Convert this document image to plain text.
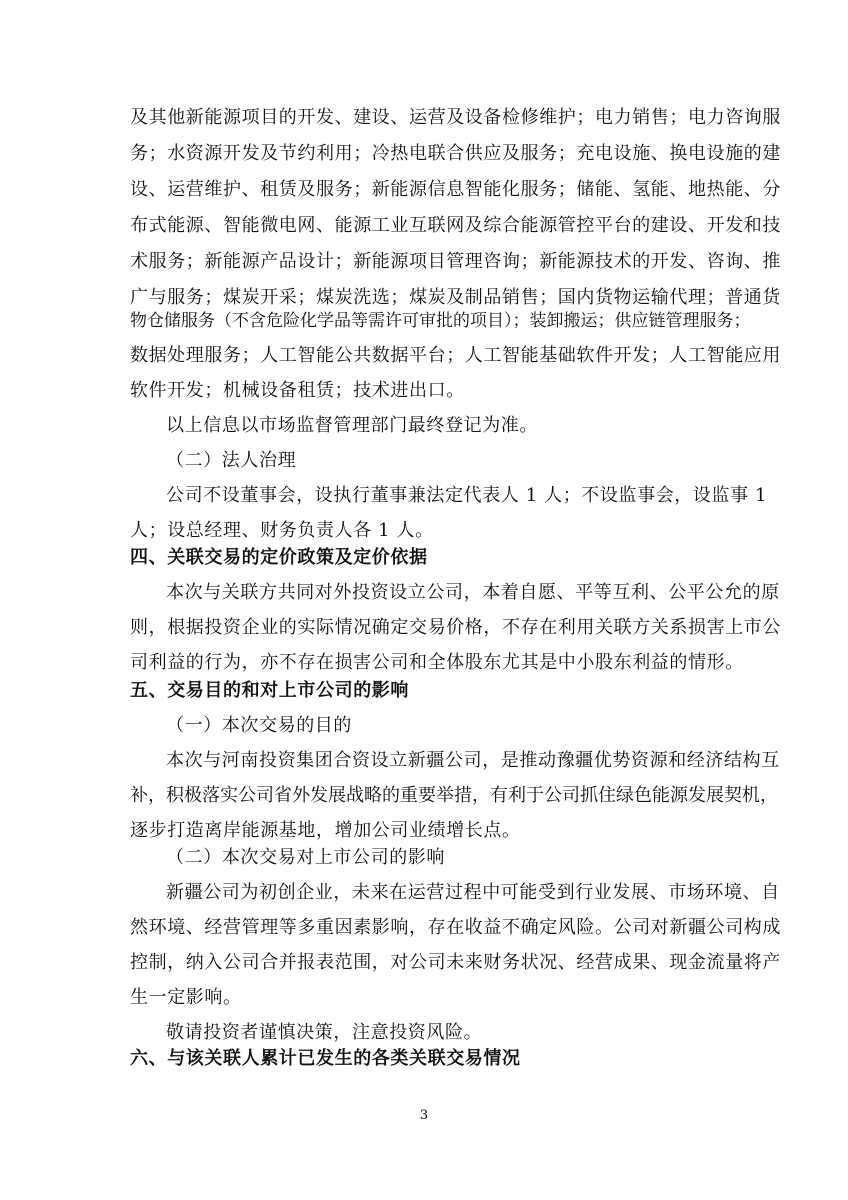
及其他新能源项目的开发、建设、运营及设备检修维护；电力销售；电力咨询服
务；水资源开发及节约利用；冷热电联合供应及服务；充电设施、换电设施的建
设、运营维护、租赁及服务；新能源信息智能化服务；储能、氢能、地热能、分
布式能源、智能微电网、能源工业互联网及综合能源管控平台的建设、开发和技
术服务；新能源产品设计；新能源项目管理咨询；新能源技术的开发、咨询、推
广与服务；煤炭开采；煤炭洗选；煤炭及制品销售；国内货物运输代理；普通货
物仓储服务（不含危险化学品等需许可审批的项目）；装卸搬运；供应链管理服务；
数据处理服务；人工智能公共数据平台；人工智能基础软件开发；人工智能应用
软件开发；机械设备租赁；技术进出口。
以上信息以市场监督管理部门最终登记为准。
（二）法人治理
公司不设董事会，设执行董事兼法定代表人 1 人；不设监事会，设监事 1
人；设总经理、财务负责人各 1 人。
四、关联交易的定价政策及定价依据
本次与关联方共同对外投资设立公司，本着自愿、平等互利、公平公允的原
则，根据投资企业的实际情况确定交易价格，不存在利用关联方关系损害上市公
司利益的行为，亦不存在损害公司和全体股东尤其是中小股东利益的情形。
五、交易目的和对上市公司的影响
（一）本次交易的目的
本次与河南投资集团合资设立新疆公司，是推动豫疆优势资源和经济结构互
补，积极落实公司省外发展战略的重要举措，有利于公司抓住绿色能源发展契机，
逐步打造离岸能源基地，增加公司业绩增长点。
（二）本次交易对上市公司的影响
新疆公司为初创企业，未来在运营过程中可能受到行业发展、市场环境、自
然环境、经营管理等多重因素影响，存在收益不确定风险。公司对新疆公司构成
控制，纳入公司合并报表范围，对公司未来财务状况、经营成果、现金流量将产
生一定影响。
敬请投资者谨慎决策，注意投资风险。
六、与该关联人累计已发生的各类关联交易情况
3
